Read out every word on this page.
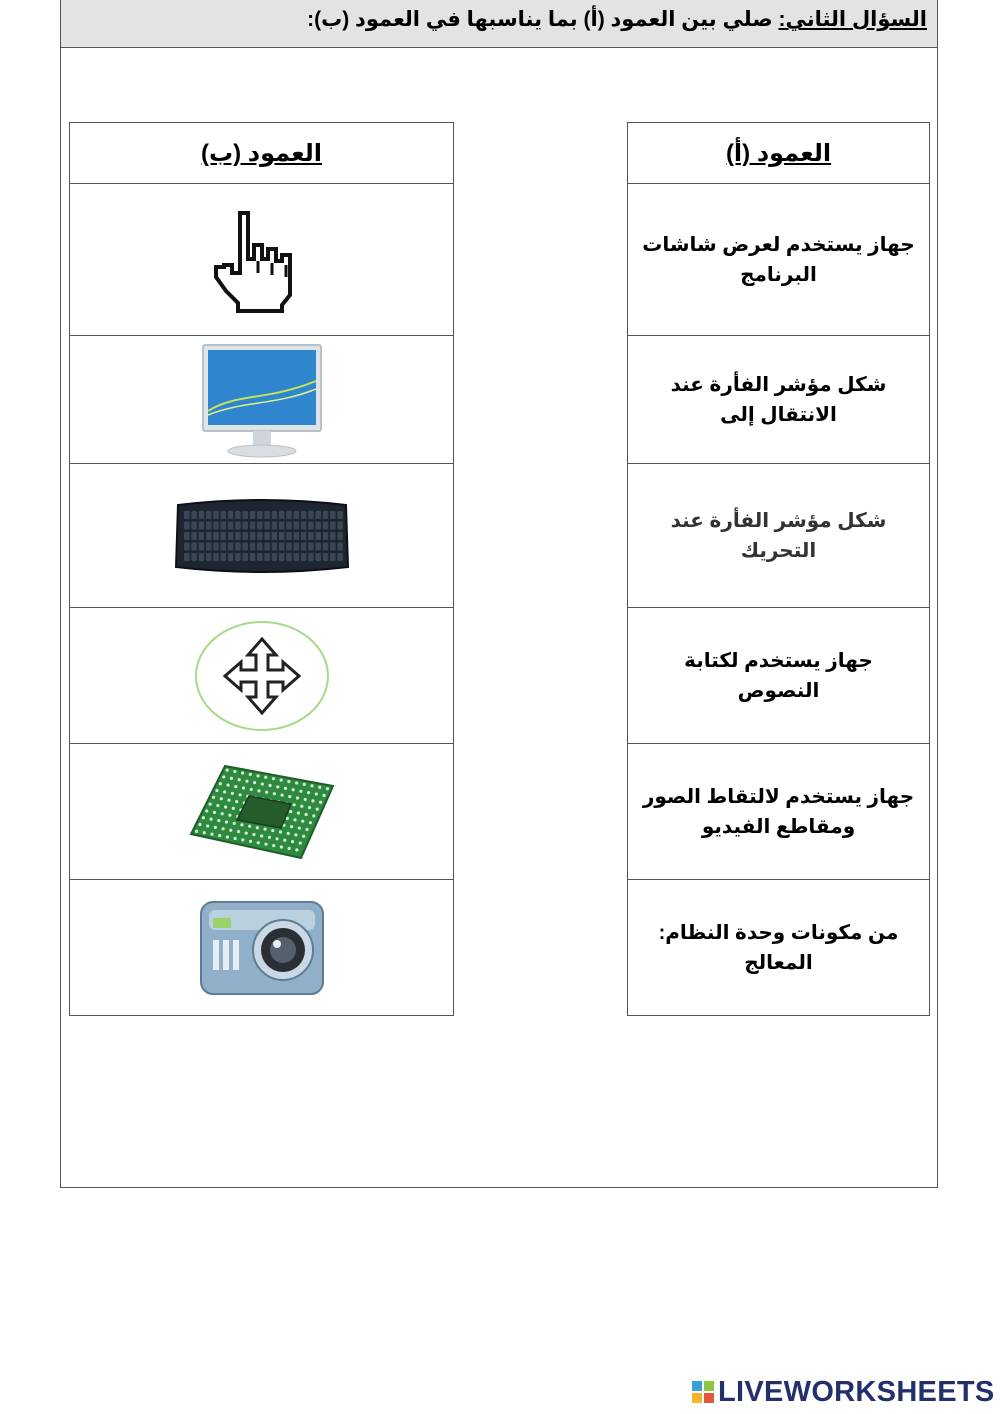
السؤال الثاني: صلي بين العمود (أ) بما يناسبها في العمود (ب):
العمود (أ)
جهاز يستخدم لعرض شاشات البرنامج
شكل مؤشر الفأرة عند الانتقال إلى
شكل مؤشر الفأرة عند التحريك
جهاز يستخدم لكتابة النصوص
جهاز يستخدم لالتقاط الصور ومقاطع الفيديو
من مكونات وحدة النظام: المعالج
العمود (ب)
LIVEWORKSHEETS
